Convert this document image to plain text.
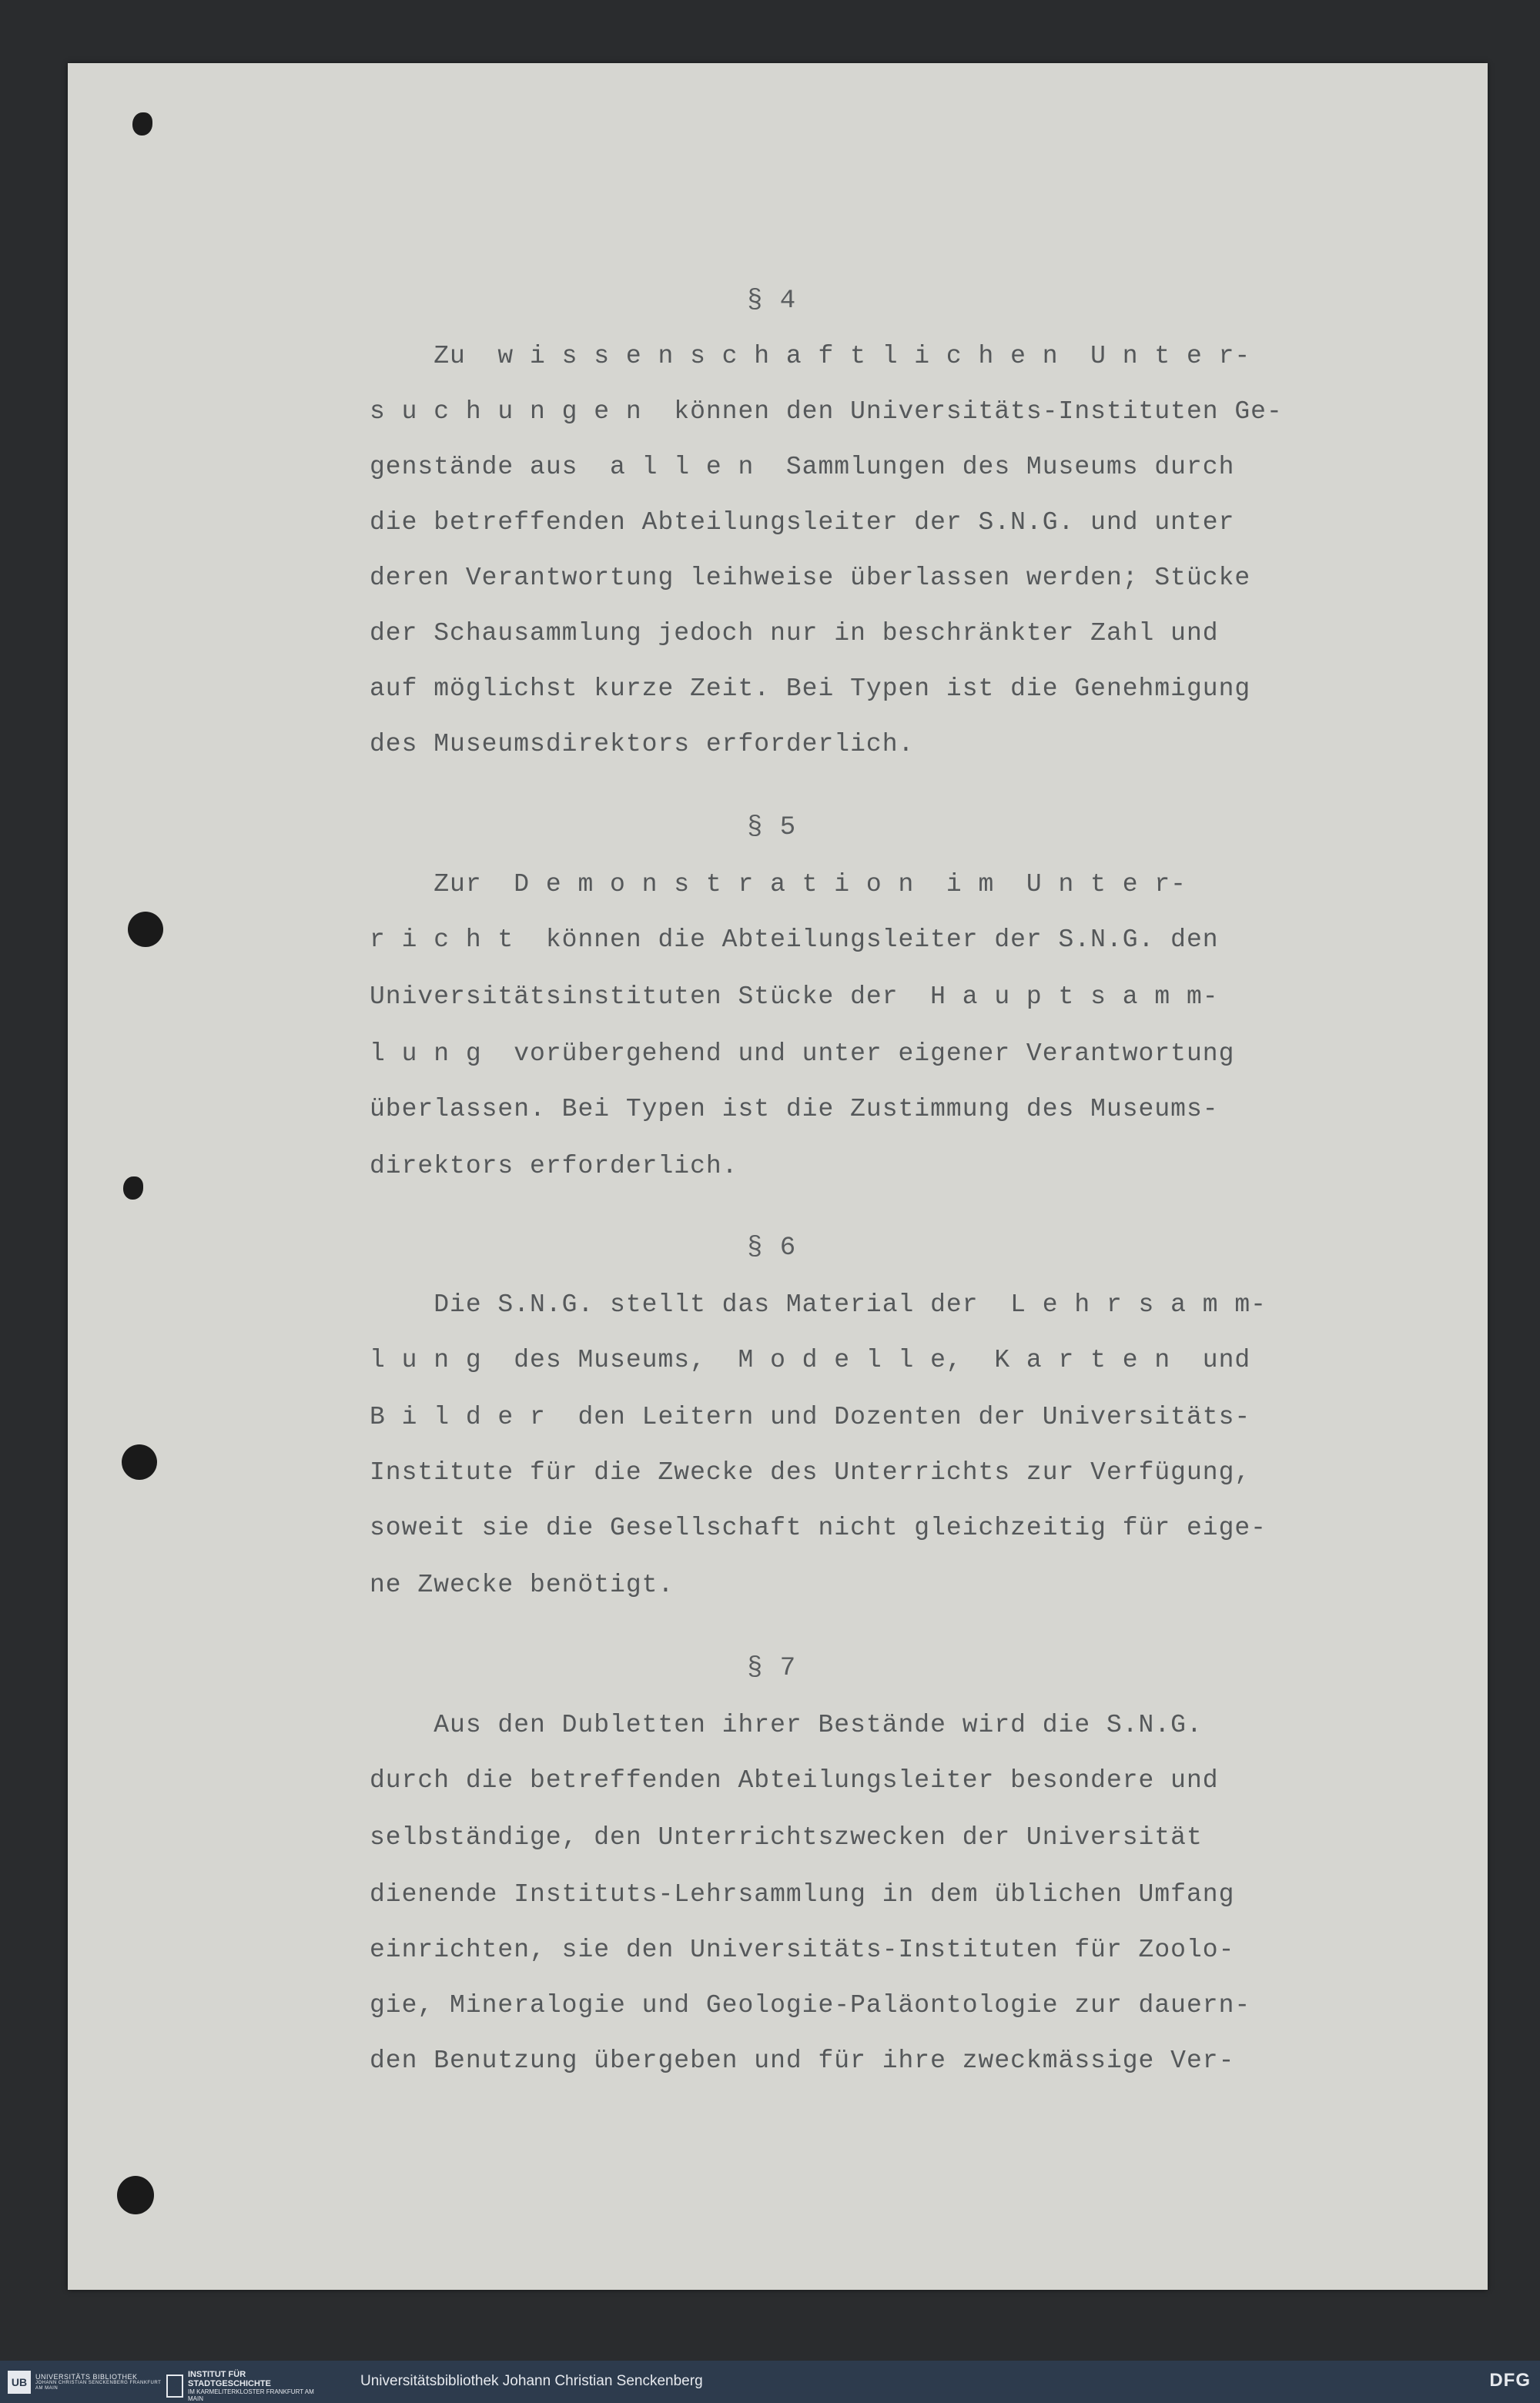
§ 4
Zu  w i s s e n s c h a f t l i c h e n  U n t e r-
s u c h u n g e n  können den Universitäts-Instituten Ge-
genstände aus  a l l e n  Sammlungen des Museums durch
die betreffenden Abteilungsleiter der S.N.G. und unter
deren Verantwortung leihweise überlassen werden; Stücke
der Schausammlung jedoch nur in beschränkter Zahl und
auf möglichst kurze Zeit. Bei Typen ist die Genehmigung
des Museumsdirektors erforderlich.
§ 5
Zur  D e m o n s t r a t i o n  i m  U n t e r-
r i c h t  können die Abteilungsleiter der S.N.G. den
Universitätsinstituten Stücke der  H a u p t s a m m-
l u n g  vorübergehend und unter eigener Verantwortung
überlassen. Bei Typen ist die Zustimmung des Museums-
direktors erforderlich.
§ 6
Die S.N.G. stellt das Material der  L e h r s a m m-
l u n g  des Museums,  M o d e l l e,  K a r t e n  und
B i l d e r  den Leitern und Dozenten der Universitäts-
Institute für die Zwecke des Unterrichts zur Verfügung,
soweit sie die Gesellschaft nicht gleichzeitig für eige-
ne Zwecke benötigt.
§ 7
Aus den Dubletten ihrer Bestände wird die S.N.G.
durch die betreffenden Abteilungsleiter besondere und
selbständige, den Unterrichtszwecken der Universität
dienende Instituts-Lehrsammlung in dem üblichen Umfang
einrichten, sie den Universitäts-Instituten für Zoolo-
gie, Mineralogie und Geologie-Paläontologie zur dauern-
den Benutzung übergeben und für ihre zweckmässige Ver-
UB UNIVERSITÄTS BIBLIOTHEK
JOHANN CHRISTIAN SENCKENBERG FRANKFURT AM MAIN
INSTITUT FÜR STADTGESCHICHTE
IM KARMELITERKLOSTER FRANKFURT AM MAIN
Universitätsbibliothek Johann Christian Senckenberg	DFG
